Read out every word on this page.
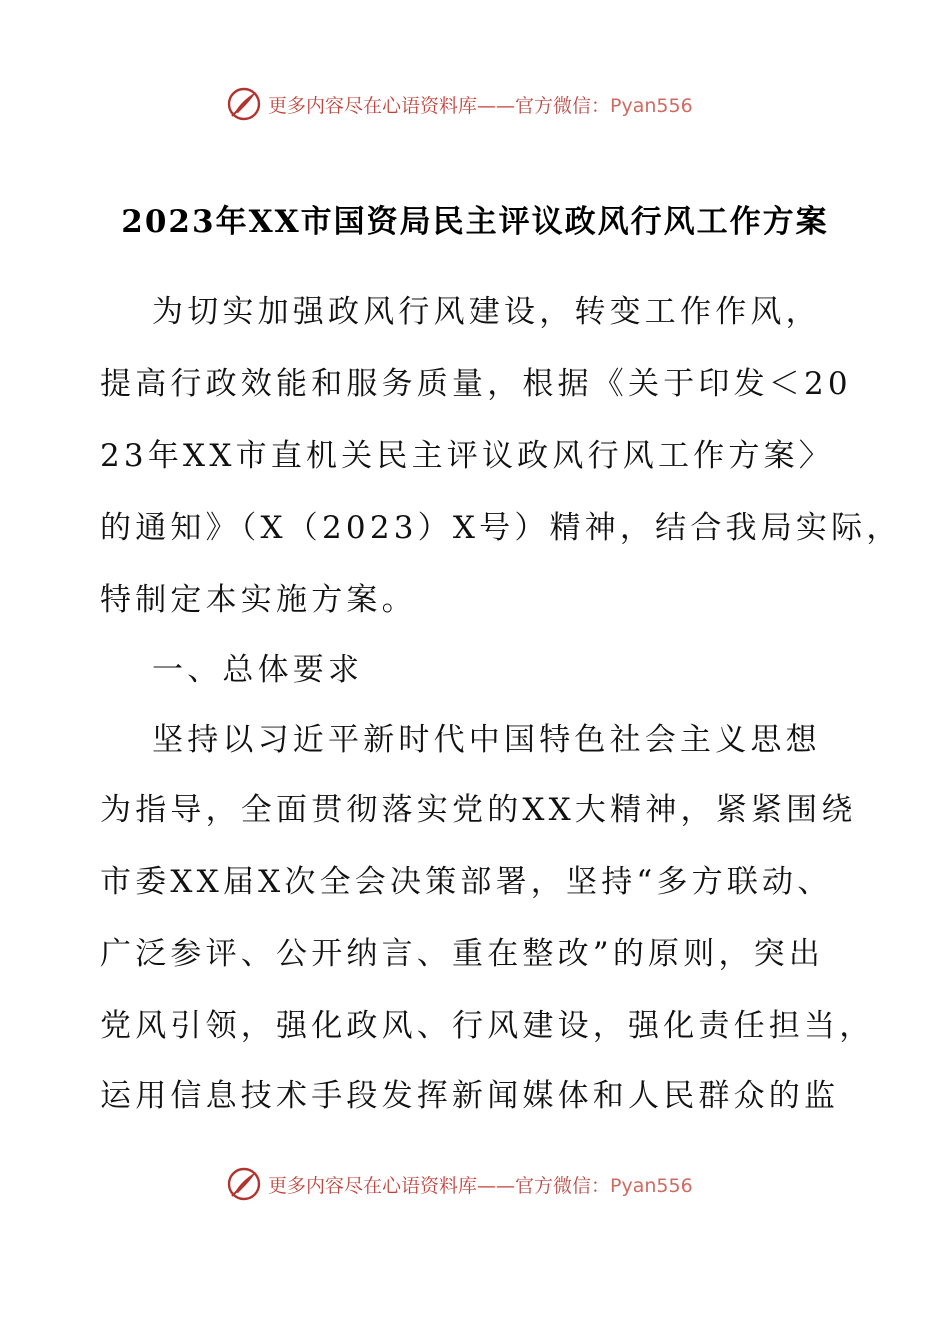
更多内容尽在心语资料库——官方微信：Pyan556
2023年XX市国资局民主评议政风行风工作方案
为切实加强政风行风建设，转变工作作风，
提高行政效能和服务质量，根据《关于印发＜20
23年XX市直机关民主评议政风行风工作方案〉
的通知》（X（2023）X号）精神，结合我局实际，
特制定本实施方案。
一、总体要求
坚持以习近平新时代中国特色社会主义思想
为指导，全面贯彻落实党的XX大精神，紧紧围绕
市委XX届X次全会决策部署，坚持“多方联动、
广泛参评、公开纳言、重在整改”的原则，突出
党风引领，强化政风、行风建设，强化责任担当，
运用信息技术手段发挥新闻媒体和人民群众的监
更多内容尽在心语资料库——官方微信：Pyan556
